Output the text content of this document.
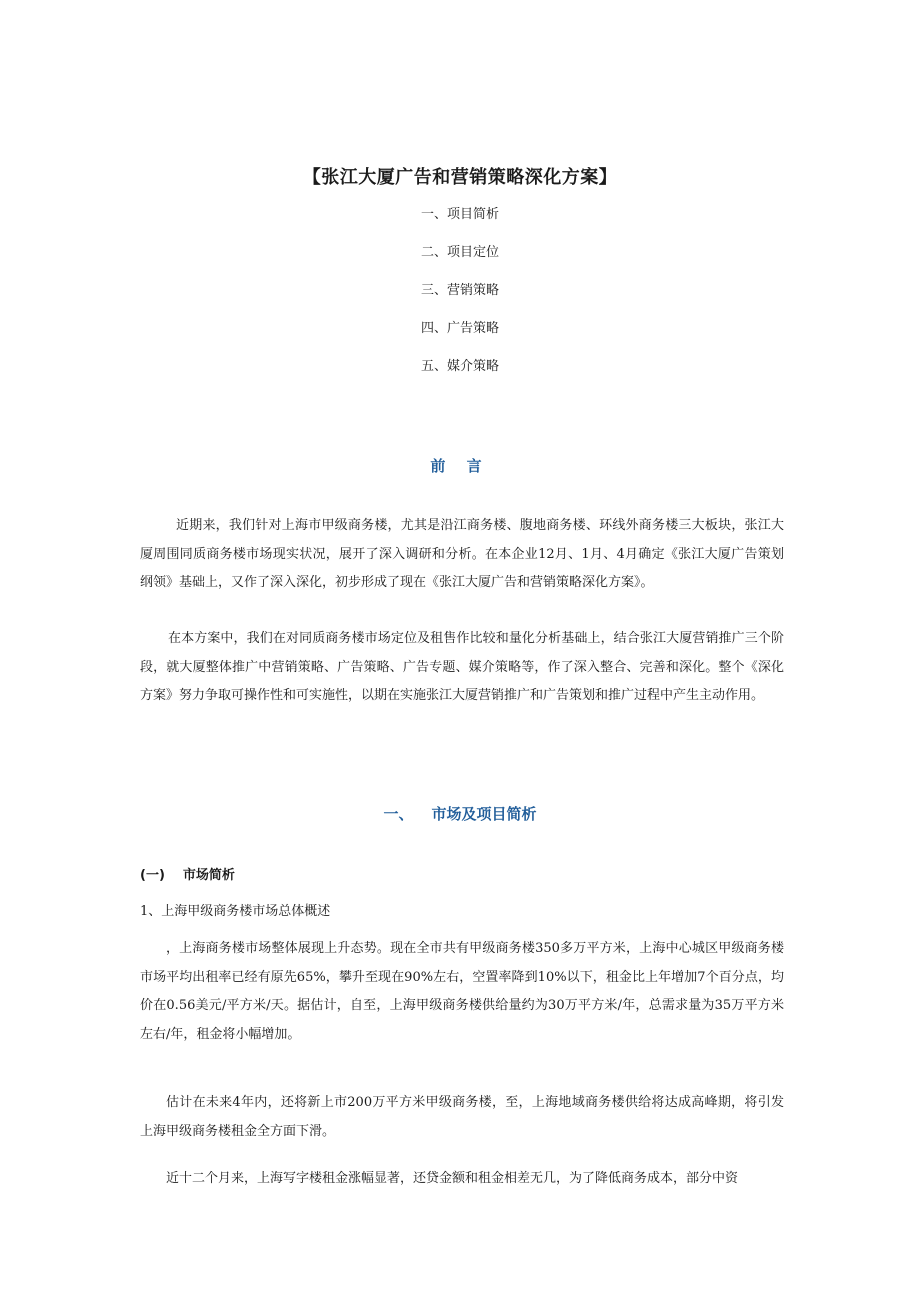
【张江大厦广告和营销策略深化方案】
一、项目简析
二、项目定位
三、营销策略
四、广告策略
五、媒介策略
前 言

近期来，我们针对上海市甲级商务楼，尤其是沿江商务楼、腹地商务楼、环线外商务楼三大板块，张江大厦周围同质商务楼市场现实状况，展开了深入调研和分析。在本企业12月、1月、4月确定《张江大厦广告策划纲领》基础上，又作了深入深化，初步形成了现在《张江大厦广告和营销策略深化方案》。

在本方案中，我们在对同质商务楼市场定位及租售作比较和量化分析基础上，结合张江大厦营销推广三个阶段，就大厦整体推广中营销策略、广告策略、广告专题、媒介策略等，作了深入整合、完善和深化。整个《深化方案》努力争取可操作性和可实施性，以期在实施张江大厦营销推广和广告策划和推广过程中产生主动作用。

一、 市场及项目简析
(一) 市场简析
1、上海甲级商务楼市场总体概述

，上海商务楼市场整体展现上升态势。现在全市共有甲级商务楼350多万平方米，上海中心城区甲级商务楼市场平均出租率已经有原先65%，攀升至现在90%左右，空置率降到10%以下，租金比上年增加7个百分点，均价在0.56美元/平方米/天。据估计，自至，上海甲级商务楼供给量约为30万平方米/年，总需求量为35万平方米左右/年，租金将小幅增加。

估计在未来4年内，还将新上市200万平方米甲级商务楼，至，上海地域商务楼供给将达成高峰期，将引发上海甲级商务楼租金全方面下滑。

近十二个月来，上海写字楼租金涨幅显著，还贷金额和租金相差无几，为了降低商务成本，部分中资
